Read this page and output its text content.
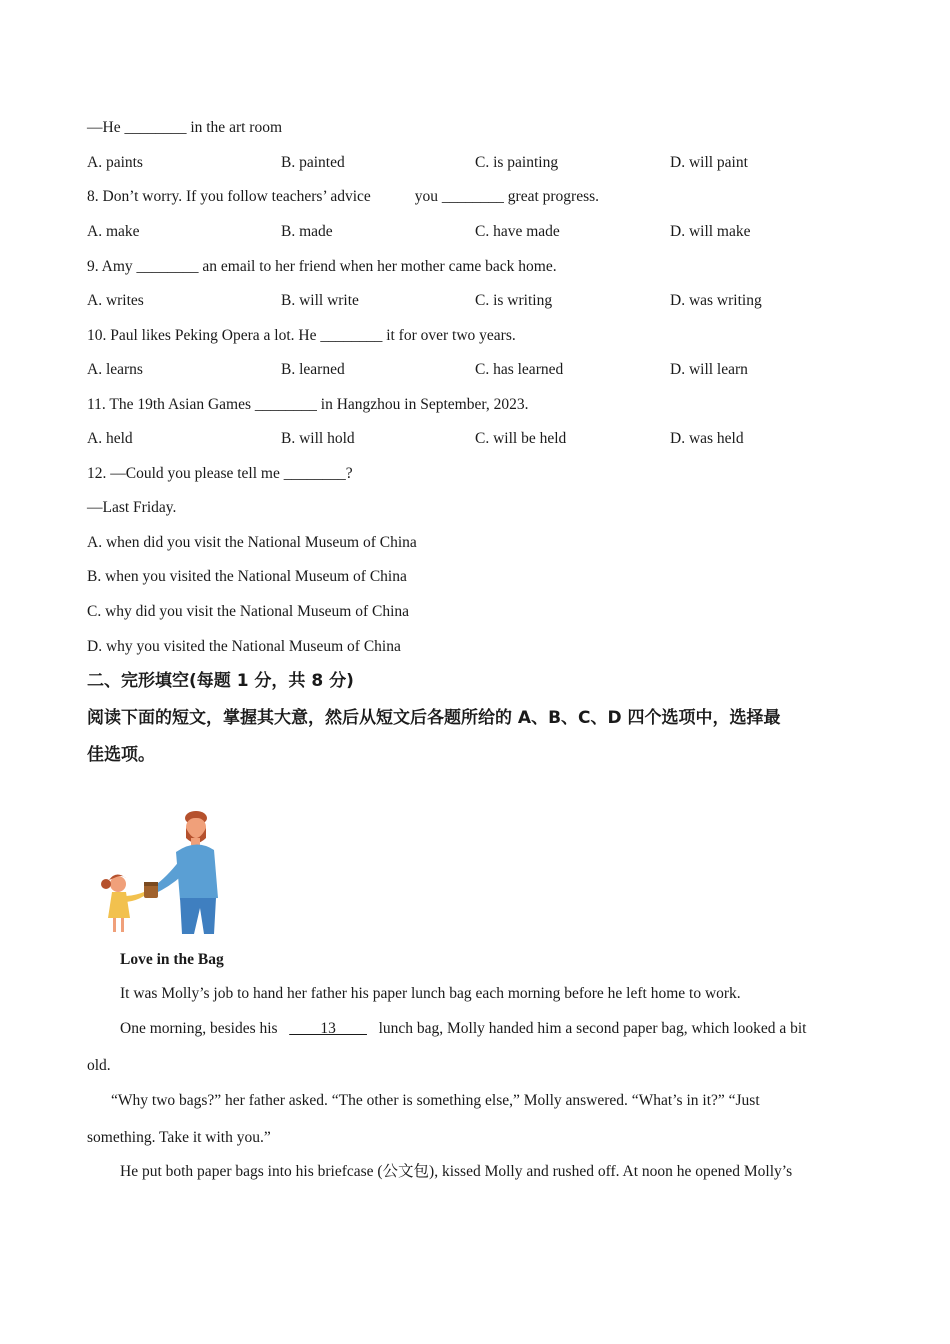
—He ________ in the art room
A. paints	B. painted	C. is painting	D. will paint
8. Don’t worry. If you follow teachers’ advice	you ________ great progress.
A. make	B. made	C. have made	D. will make
9. Amy ________ an email to her friend when her mother came back home.
A. writes	B. will write	C. is writing	D. was writing
10. Paul likes Peking Opera a lot. He ________ it for over two years.
A. learns	B. learned	C. has learned	D. will learn
11. The 19th Asian Games ________ in Hangzhou in September, 2023.
A. held	B. will hold	C. will be held	D. was held
12. —Could you please tell me ________?
—Last Friday.
A. when did you visit the National Museum of China
B. when you visited the National Museum of China
C. why did you visit the National Museum of China
D. why you visited the National Museum of China
二、完形填空(每题 1 分，共 8 分)
阅读下面的短文，掌握其大意，然后从短文后各题所给的 A、B、C、D 四个选项中，选择最
佳选项。
Love in the Bag
It was Molly’s job to hand her father his paper lunch bag each morning before he left home to work.
One morning, besides his ____13____ lunch bag, Molly handed him a second paper bag, which looked a bit
old.
“Why two bags?” her father asked. “The other is something else,” Molly answered. “What’s in it?” “Just
something. Take it with you.”
He put both paper bags into his briefcase (公文包), kissed Molly and rushed off. At noon he opened Molly’s
